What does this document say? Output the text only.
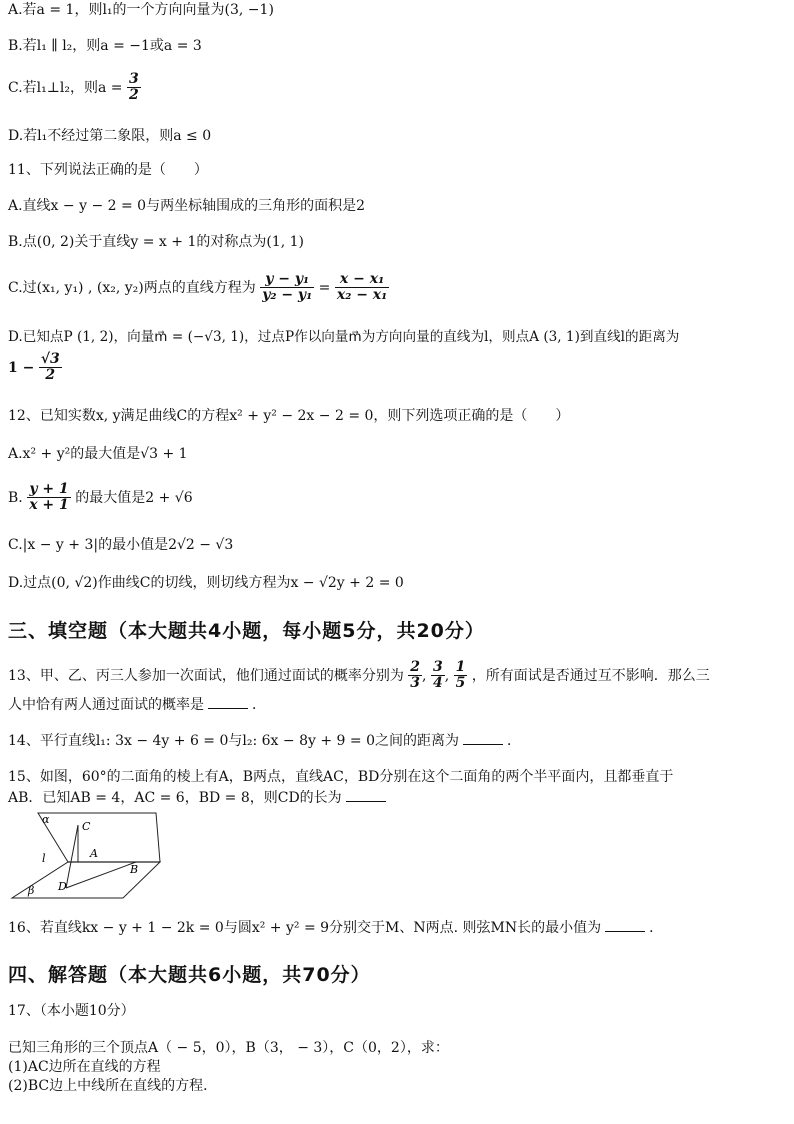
A.若a = 1，则l₁的一个方向向量为(3, −1)
B.若l₁ ∥ l₂，则a = −1或a = 3
C.若l₁⊥l₂，则$a = \frac{3}{2}$
D.若l₁不经过第二象限，则a ≤ 0
11、下列说法正确的是（　　）
A.直线x − y − 2 = 0与两坐标轴围成的三角形的面积是2
B.点(0, 2)关于直线y = x + 1的对称点为(1, 1)
C.过(x₁, y₁) , (x₂, y₂)两点的直线方程为 $\frac{\text{y − y₁}}{\text{y₂ − y₁}} = \frac{\text{x − x₁}}{\text{x₂ − x₁}}$
D.已知点P (1, 2)，向量m⃗ = (−√3, 1)，过点P作以向量m⃗为方向向量的直线为l，则点A (3, 1)到直线l的距离为
$1 - \frac{√3}{2}$
12、已知实数x, y满足曲线C的方程x² + y² − 2x − 2 = 0，则下列选项正确的是（　　）
A.x² + y²的最大值是√3 + 1
B. $\frac{y + 1}{x + 1}$ 的最大值是2 + √6
C.|x − y + 3|的最小值是2√2 − √3
D.过点(0, √2)作曲线C的切线，则切线方程为x − √2y + 2 = 0
三、填空题（本大题共4小题，每小题5分，共20分）
13、甲、乙、丙三人参加一次面试，他们通过面试的概率分别为 $\frac{2}{3}$ , $\frac{3}{4}$ , $\frac{1}{5}$ ，所有面试是否通过互不影响．那么三
人中恰有两人通过面试的概率是	．
14、平行直线l₁: 3x − 4y + 6 = 0与l₂: 6x − 8y + 9 = 0之间的距离为	．
15、如图，60°的二面角的棱上有A，B两点，直线AC，BD分别在这个二面角的两个半平面内，且都垂直于
AB．已知AB = 4，AC = 6，BD = 8，则CD的长为
α
C
A
l
B
D
β
16、若直线kx − y + 1 − 2k = 0与圆x² + y² = 9分别交于M、N两点. 则弦MN长的最小值为	．
四、解答题（本大题共6小题，共70分）
17、（本小题10分）
已知三角形的三个顶点A（ − 5，0），B（3， − 3），C（0，2），求：
(1)AC边所在直线的方程
(2)BC边上中线所在直线的方程．
